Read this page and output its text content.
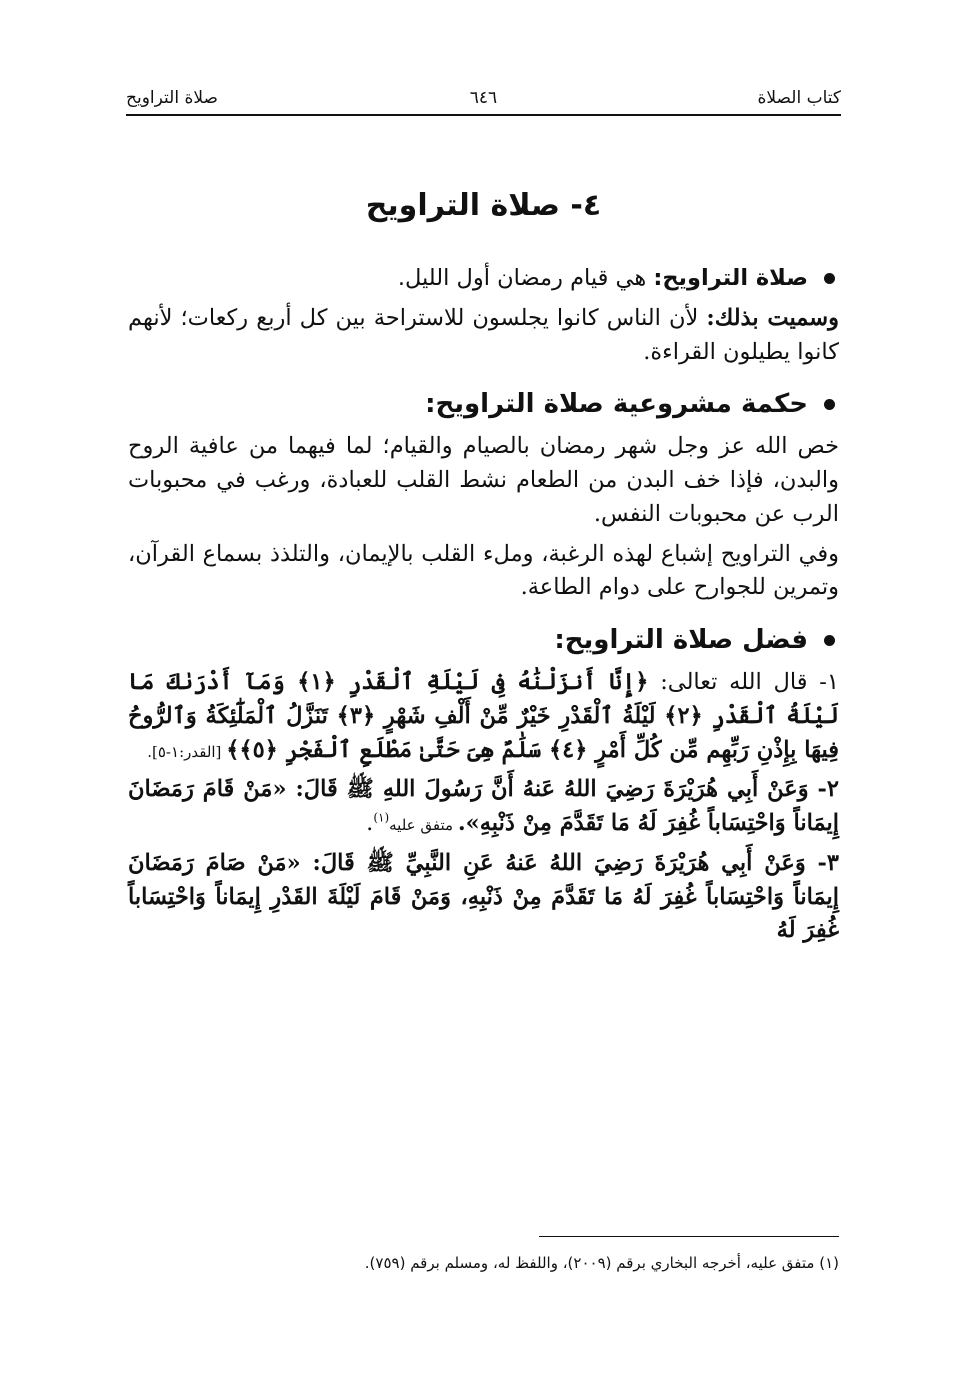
كتاب الصلاة
٦٤٦
صلاة التراويح
٤- صلاة التراويح
صلاة التراويح: هي قيام رمضان أول الليل.

وسميت بذلك: لأن الناس كانوا يجلسون للاستراحة بين كل أربع ركعات؛ لأنهم كانوا يطيلون القراءة.

حكمة مشروعية صلاة التراويح:

خص الله عز وجل شهر رمضان بالصيام والقيام؛ لما فيهما من عافية الروح والبدن، فإذا خف البدن من الطعام نشط القلب للعبادة، ورغب في محبوبات الرب عن محبوبات النفس.

وفي التراويح إشباع لهذه الرغبة، وملء القلب بالإيمان، والتلذذ بسماع القرآن، وتمرين للجوارح على دوام الطاعة.

فضل صلاة التراويح:

١- قال الله تعالى: ﴿إِنَّا أَنزَلْنَٰهُ فِى لَيْلَةِ ٱلْقَدْرِ ﴿١﴾ وَمَآ أَدْرَىٰكَ مَا لَيْلَةُ ٱلْقَدْرِ ﴿٢﴾ لَيْلَةُ ٱلْقَدْرِ خَيْرٌ مِّنْ أَلْفِ شَهْرٍ ﴿٣﴾ تَنَزَّلُ ٱلْمَلَٰٓئِكَةُ وَٱلرُّوحُ فِيهَا بِإِذْنِ رَبِّهِم مِّن كُلِّ أَمْرٍ ﴿٤﴾ سَلَٰمٌ هِىَ حَتَّىٰ مَطْلَعِ ٱلْفَجْرِ ﴿٥﴾﴾ [القدر:١-٥].

٢- وَعَنْ أَبِي هُرَيْرَةَ رَضِيَ اللهُ عَنهُ أَنَّ رَسُولَ اللهِ ﷺ قَالَ: «مَنْ قَامَ رَمَضَانَ إِيمَاناً وَاحْتِسَاباً غُفِرَ لَهُ مَا تَقَدَّمَ مِنْ ذَنْبِهِ». متفق عليه$^{(١)}$.

٣- وَعَنْ أَبِي هُرَيْرَةَ رَضِيَ اللهُ عَنهُ عَنِ النَّبِيِّ ﷺ قَالَ: «مَنْ صَامَ رَمَضَانَ إِيمَاناً وَاحْتِسَاباً غُفِرَ لَهُ مَا تَقَدَّمَ مِنْ ذَنْبِهِ، وَمَنْ قَامَ لَيْلَةَ القَدْرِ إِيمَاناً وَاحْتِسَاباً غُفِرَ لَهُ

(١) متفق عليه، أخرجه البخاري برقم (٢٠٠٩)، واللفظ له، ومسلم برقم (٧٥٩).
